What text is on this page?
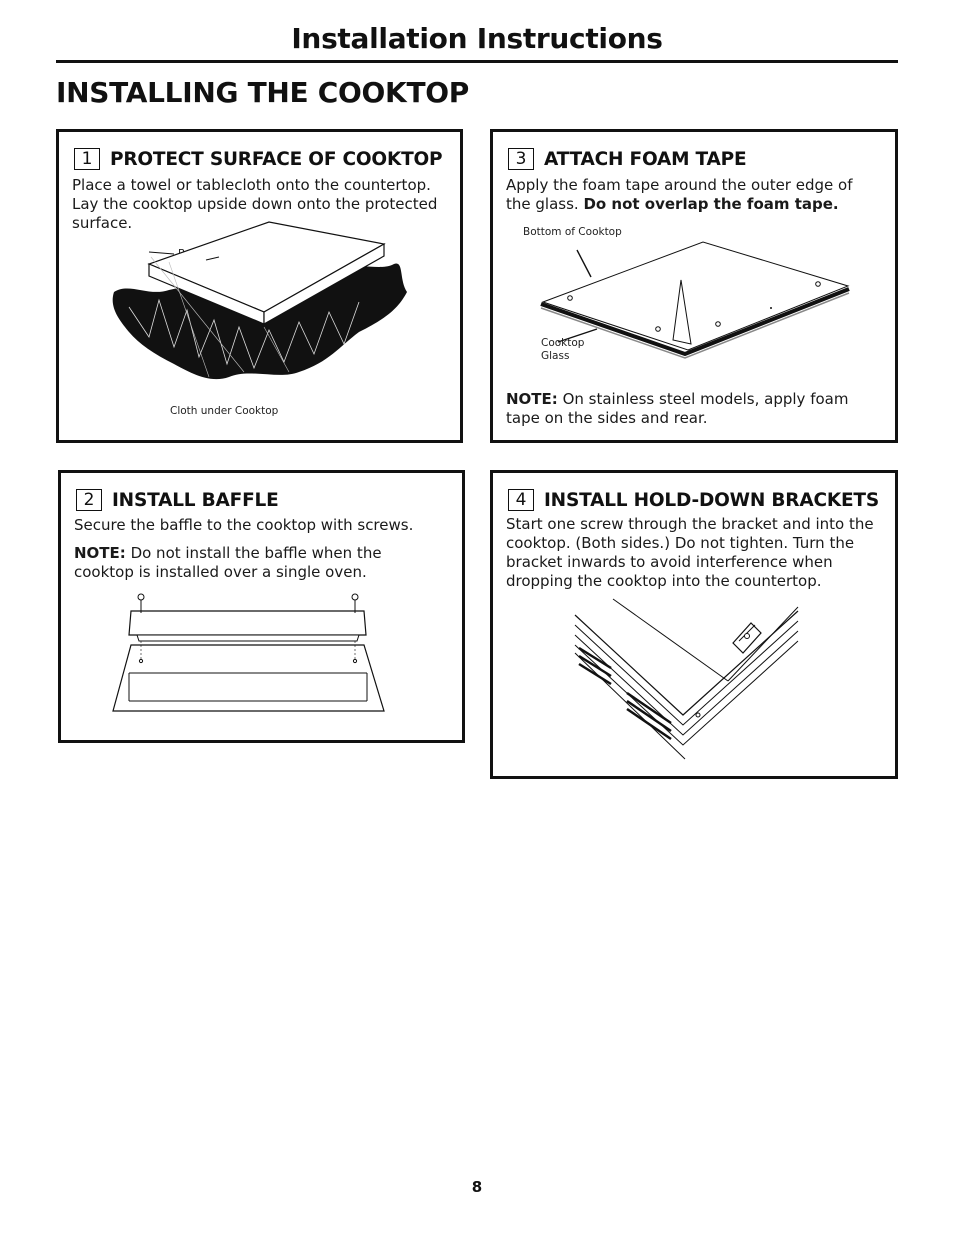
Installation Instructions
INSTALLING THE COOKTOP
1 PROTECT SURFACE OF COOKTOP
Place a towel or tablecloth onto the countertop. Lay the cooktop upside down onto the protected surface.
Cloth under Cooktop
3 ATTACH FOAM TAPE
Apply the foam tape around the outer edge of the glass. Do not overlap the foam tape.
Bottom of Cooktop
Cooktop
Glass
NOTE: On stainless steel models, apply foam tape on the sides and rear.
2 INSTALL BAFFLE
Secure the baffle to the cooktop with screws.
NOTE: Do not install the baffle when the cooktop is installed over a single oven.
4 INSTALL HOLD-DOWN BRACKETS
Start one screw through the bracket and into the cooktop. (Both sides.) Do not tighten. Turn the bracket inwards to avoid interference when dropping the cooktop into the countertop.
8
